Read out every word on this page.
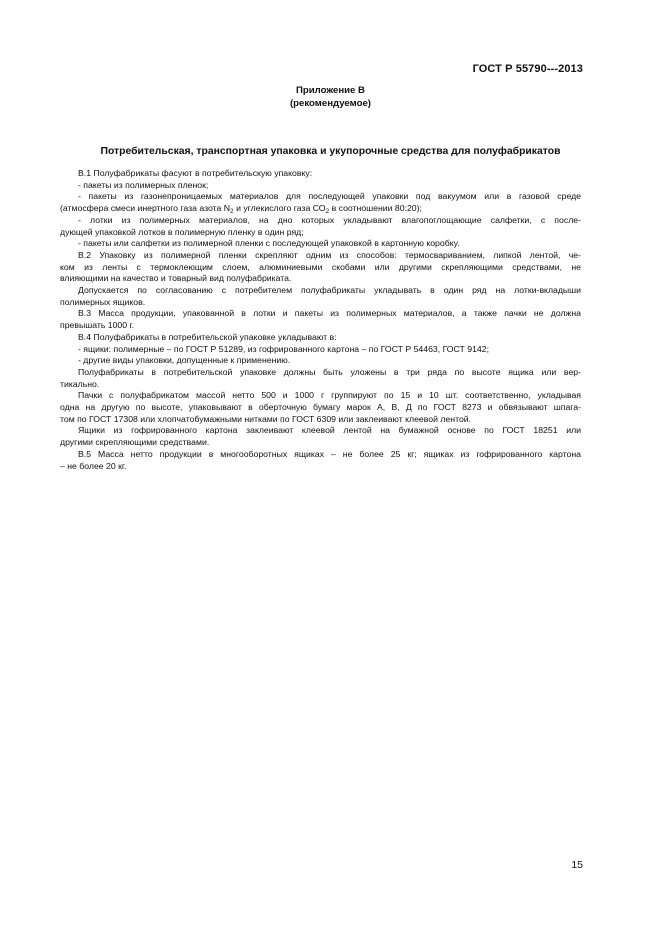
ГОСТ Р 55790---2013
Приложение В
(рекомендуемое)
Потребительская, транспортная упаковка и укупорочные средства для полуфабрикатов
В.1 Полуфабрикаты фасуют в потребительскую упаковку:
- пакеты из полимерных пленок;
- пакеты из газонепроницаемых материалов для последующей упаковки под вакуумом или в газовой среде
(атмосфера смеси инертного газа азота $N_2$ и углекислого газа $СО_2$ в соотношении 80:20);
- лотки из полимерных материалов, на дно которых укладывают влагопоглощающие салфетки, с после-
дующей упаковкой лотков в полимерную пленку в один ряд;
- пакеты или салфетки из полимерной пленки с последующей упаковкой в картонную коробку.
В.2 Упаковку из полимерной пленки скрепляют одним из способов: термосвариванием, липкой лентой, че-
ком из ленты с термоклеющим слоем, алюминиевыми скобами или другими скрепляющими средствами, не
влияющими на качество и товарный вид полуфабриката.
Допускается по согласованию с потребителем полуфабрикаты укладывать в один ряд на лотки-вкладыши
полимерных ящиков.
В.3 Масса продукции, упакованной в лотки и пакеты из полимерных материалов, а также пачки не должна
превышать 1000 г.
В.4 Полуфабрикаты в потребительской упаковке укладывают в:
- ящики: полимерные – по ГОСТ Р 51289, из гофрированного картона – по ГОСТ Р 54463, ГОСТ 9142;
- другие виды упаковки, допущенные к применению.
Полуфабрикаты в потребительской упаковке должны быть уложены в три ряда по высоте ящика или вер-
тикально.
Пачки с полуфабрикатом массой нетто 500 и 1000 г группируют по 15 и 10 шт. соответственно, укладывая
одна на другую по высоте, упаковывают в оберточную бумагу марок А, В, Д по ГОСТ 8273 и обвязывают шпага-
том по ГОСТ 17308 или хлопчатобумажными нитками по ГОСТ 6309 или заклеивают клеевой лентой.
Ящики из гофрированного картона заклеивают клеевой лентой на бумажной основе по ГОСТ 18251 или
другими скрепляющими средствами.
В.5 Масса нетто продукции в многооборотных ящиках – не более 25 кг; ящиках из гофрированного картона
– не более 20 кг.
15
